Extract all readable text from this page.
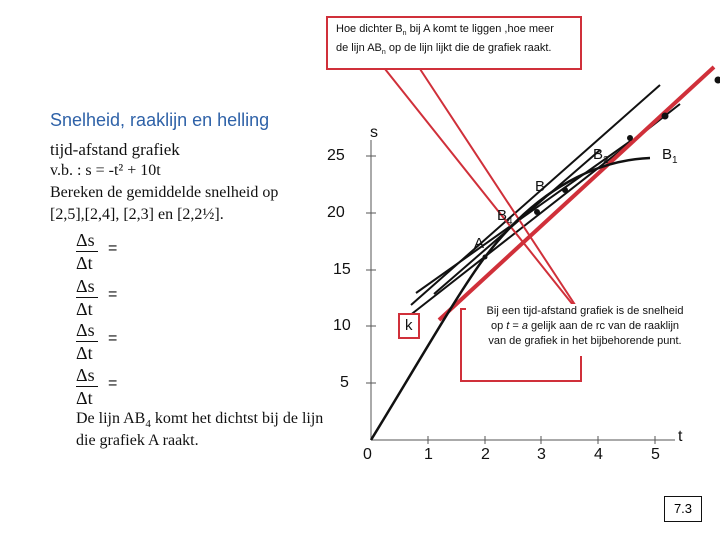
Hoe dichter $B_n$ bij A komt te liggen ,hoe meer
de lijn $AB_n$ op de lijn lijkt die de grafiek raakt.
Snelheid, raaklijn en helling
tijd-afstand grafiek
v.b. : s = -t² + 10t
Bereken de gemiddelde snelheid op
[2,5],[2,4], [2,3] en [2,2½].
$\frac{\Delta s}{\Delta t}$ =
$\frac{\Delta s}{\Delta t}$ =
$\frac{\Delta s}{\Delta t}$ =
$\frac{\Delta s}{\Delta t}$ =
De lijn $AB_4$ komt het dichtst bij de lijn
die grafiek A raakt.
s
t
25
20
15
10
5
0	1	2	3	4	5
A
$B_4$
B
$B_2$	$B_1$
k
Bij een tijd-afstand grafiek is de snelheid
op t = a gelijk aan de rc van de raaklijn
van de grafiek in het bijbehorende punt.
7.3
